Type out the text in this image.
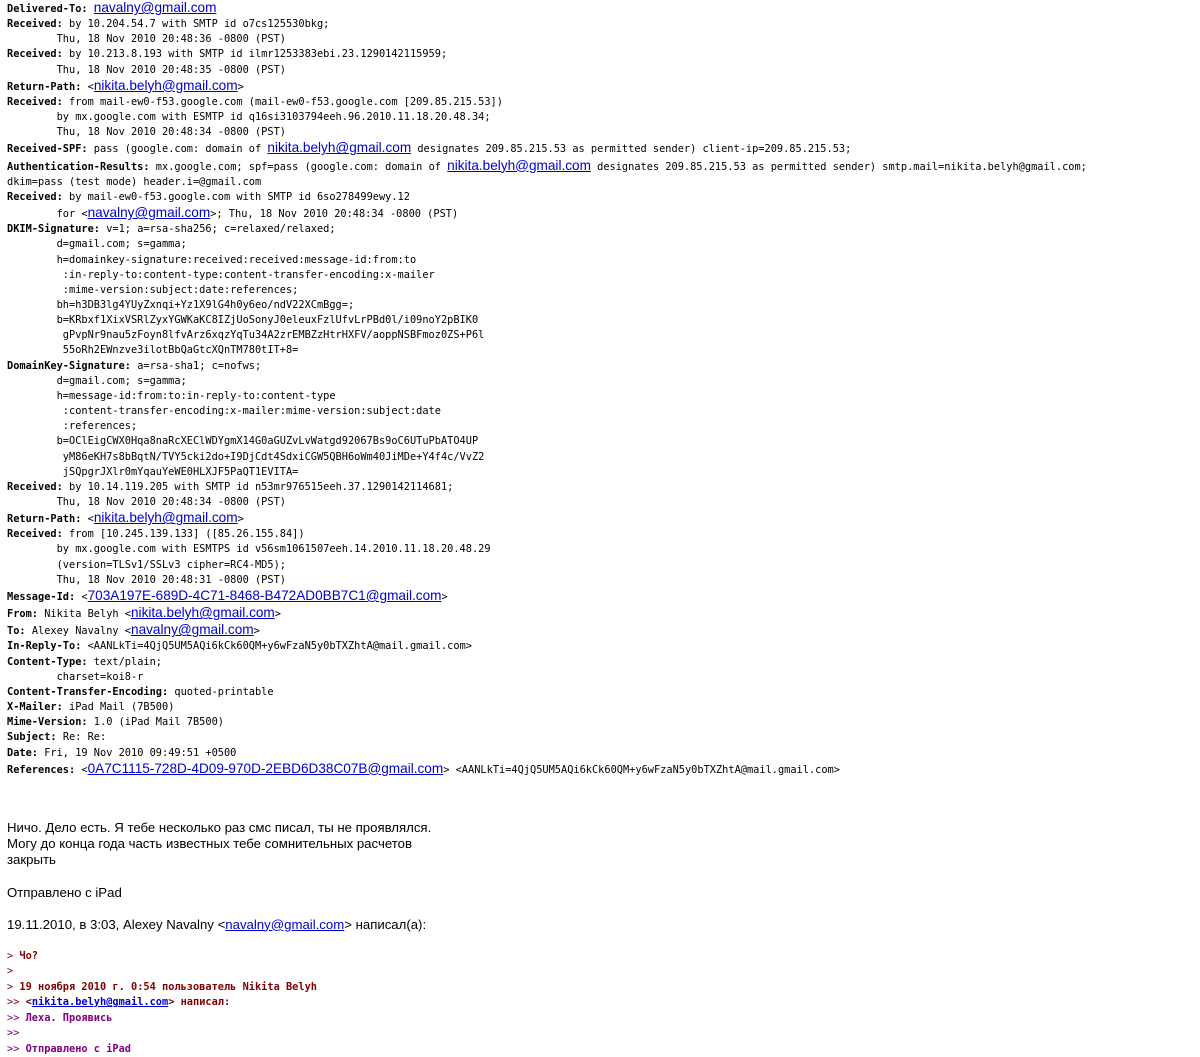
Delivered-To: navalny@gmail.com
Received: by 10.204.54.7 with SMTP id o7cs125530bkg;
Thu, 18 Nov 2010 20:48:36 -0800 (PST)
Received: by 10.213.8.193 with SMTP id ilmr1253383ebi.23.1290142115959;
Thu, 18 Nov 2010 20:48:35 -0800 (PST)
Return-Path: <nikita.belyh@gmail.com>
Received: from mail-ew0-f53.google.com (mail-ew0-f53.google.com [209.85.215.53])
by mx.google.com with ESMTP id q16si3103794eeh.96.2010.11.18.20.48.34;
Thu, 18 Nov 2010 20:48:34 -0800 (PST)
Received-SPF: pass (google.com: domain of nikita.belyh@gmail.com designates 209.85.215.53 as permitted sender) client-ip=209.85.215.53;
Authentication-Results: mx.google.com; spf=pass (google.com: domain of nikita.belyh@gmail.com designates 209.85.215.53 as permitted sender) smtp.mail=nikita.belyh@gmail.com;
dkim=pass (test mode) header.i=@gmail.com
Received: by mail-ew0-f53.google.com with SMTP id 6so278499ewy.12
for <navalny@gmail.com>; Thu, 18 Nov 2010 20:48:34 -0800 (PST)
DKIM-Signature: v=1; a=rsa-sha256; c=relaxed/relaxed;
d=gmail.com; s=gamma;
h=domainkey-signature:received:received:message-id:from:to
:in-reply-to:content-type:content-transfer-encoding:x-mailer
:mime-version:subject:date:references;
bh=h3DB3lg4YUyZxnqi+Yz1X9lG4h0y6eo/ndV22XCmBgg=;
b=KRbxf1XixVSRlZyxYGWKaKC8IZjUoSonyJ0eleuxFzlUfvLrPBd0l/i09noY2pBIK0
gPvpNr9nau5zFoyn8lfvArz6xqzYqTu34A2zrEMBZzHtrHXFV/aoppNSBFmoz0ZS+P6l
55oRh2EWnzve3ilotBbQaGtcXQnTM780tIT+8=
DomainKey-Signature: a=rsa-sha1; c=nofws;
d=gmail.com; s=gamma;
h=message-id:from:to:in-reply-to:content-type
:content-transfer-encoding:x-mailer:mime-version:subject:date
:references;
b=OClEigCWX0Hqa8naRcXEClWDYgmX14G0aGUZvLvWatgd92067Bs9oC6UTuPbATO4UP
yM86eKH7s8bBqtN/TVY5cki2do+I9DjCdt4SdxiCGW5QBH6oWm40JiMDe+Y4f4c/VvZ2
jSQpgrJXlr0mYqauYeWE0HLXJF5PaQT1EVITA=
Received: by 10.14.119.205 with SMTP id n53mr976515eeh.37.1290142114681;
Thu, 18 Nov 2010 20:48:34 -0800 (PST)
Return-Path: <nikita.belyh@gmail.com>
Received: from [10.245.139.133] ([85.26.155.84])
by mx.google.com with ESMTPS id v56sm1061507eeh.14.2010.11.18.20.48.29
(version=TLSv1/SSLv3 cipher=RC4-MD5);
Thu, 18 Nov 2010 20:48:31 -0800 (PST)
Message-Id: <703A197E-689D-4C71-8468-B472AD0BB7C1@gmail.com>
From: Nikita Belyh <nikita.belyh@gmail.com>
To: Alexey Navalny <navalny@gmail.com>
In-Reply-To: <AANLkTi=4QjQ5UM5AQi6kCk60QM+y6wFzaN5y0bTXZhtA@mail.gmail.com>
Content-Type: text/plain;
charset=koi8-r
Content-Transfer-Encoding: quoted-printable
X-Mailer: iPad Mail (7B500)
Mime-Version: 1.0 (iPad Mail 7B500)
Subject: Re: Re:
Date: Fri, 19 Nov 2010 09:49:51 +0500
References: <0A7C1115-728D-4D09-970D-2EBD6D38C07B@gmail.com> <AANLkTi=4QjQ5UM5AQi6kCk60QM+y6wFzaN5y0bTXZhtA@mail.gmail.com>
Ничо. Дело есть. Я тебе несколько раз смс писал, ты не проявлялся.
Могу до конца года часть известных тебе сомнительных расчетов
закрыть
Отправлено с iPad
19.11.2010, в 3:03, Alexey Navalny <navalny@gmail.com> написал(а):
> Чо?
>
> 19 ноября 2010 г. 0:54 пользователь Nikita Belyh
>> <nikita.belyh@gmail.com> написал:
>> Леха. Проявись
>>
>> Отправлено с iPad
